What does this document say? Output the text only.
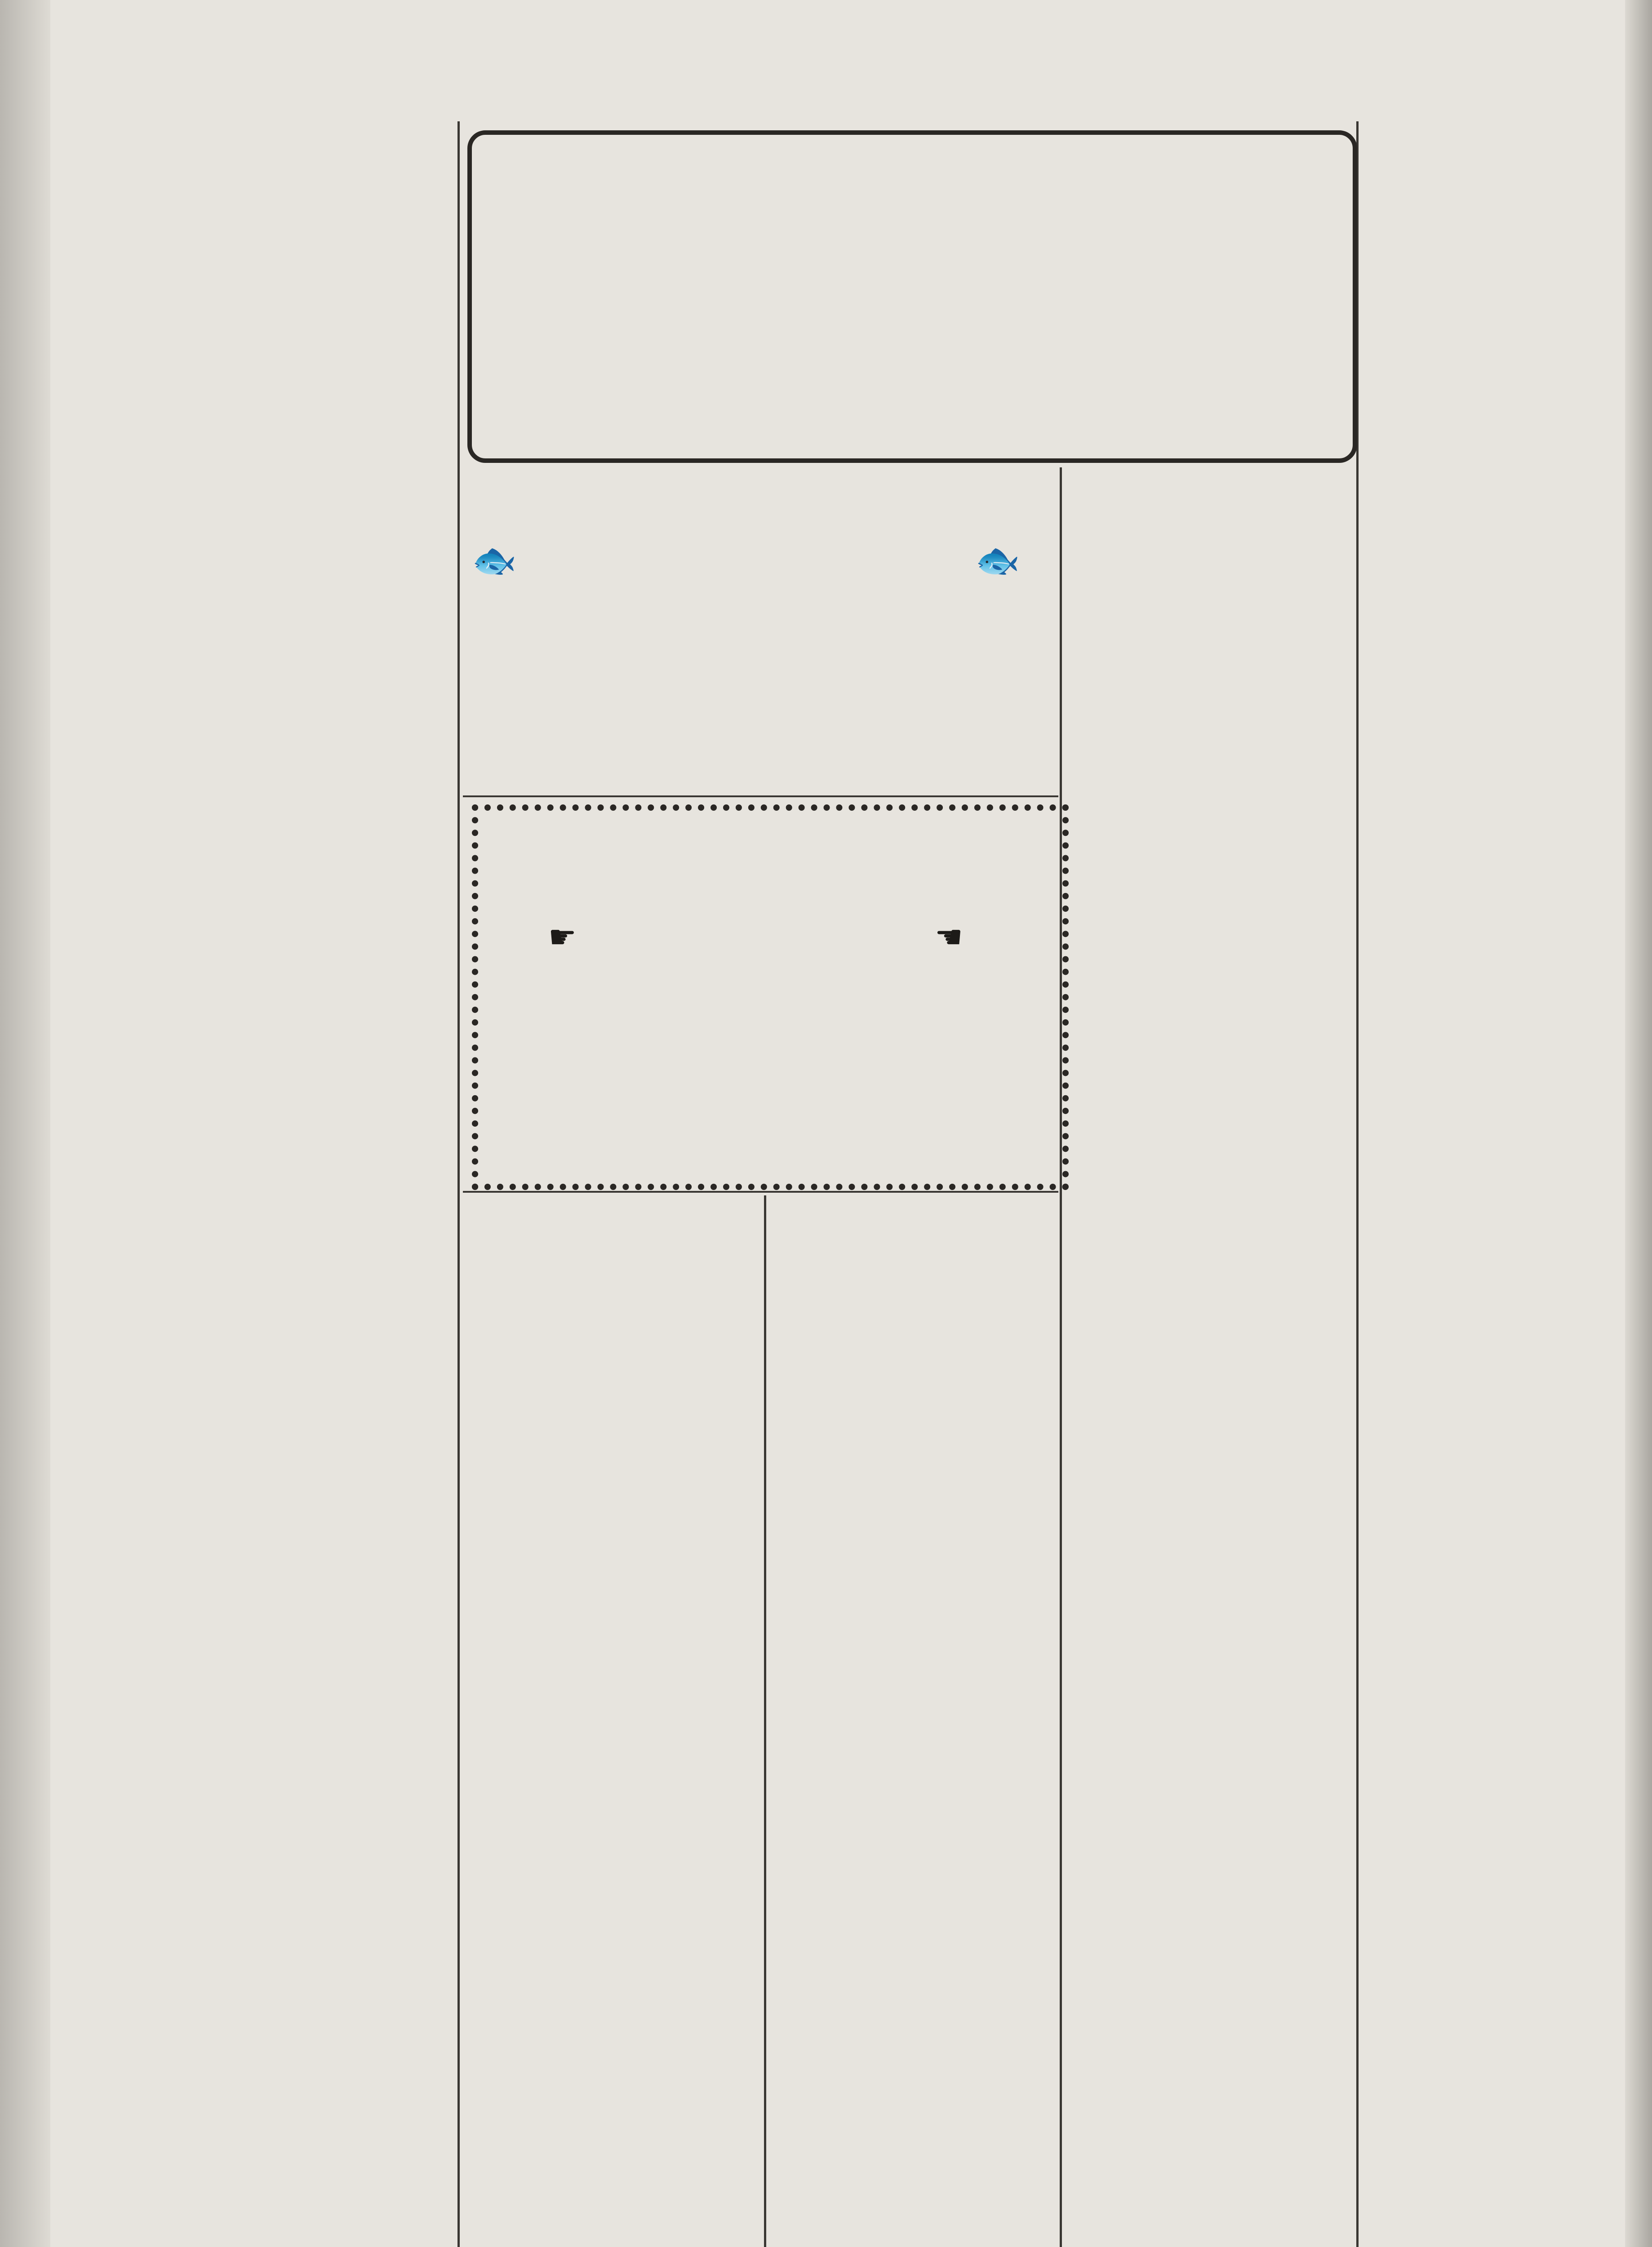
🐟	🐟
☛	☚
